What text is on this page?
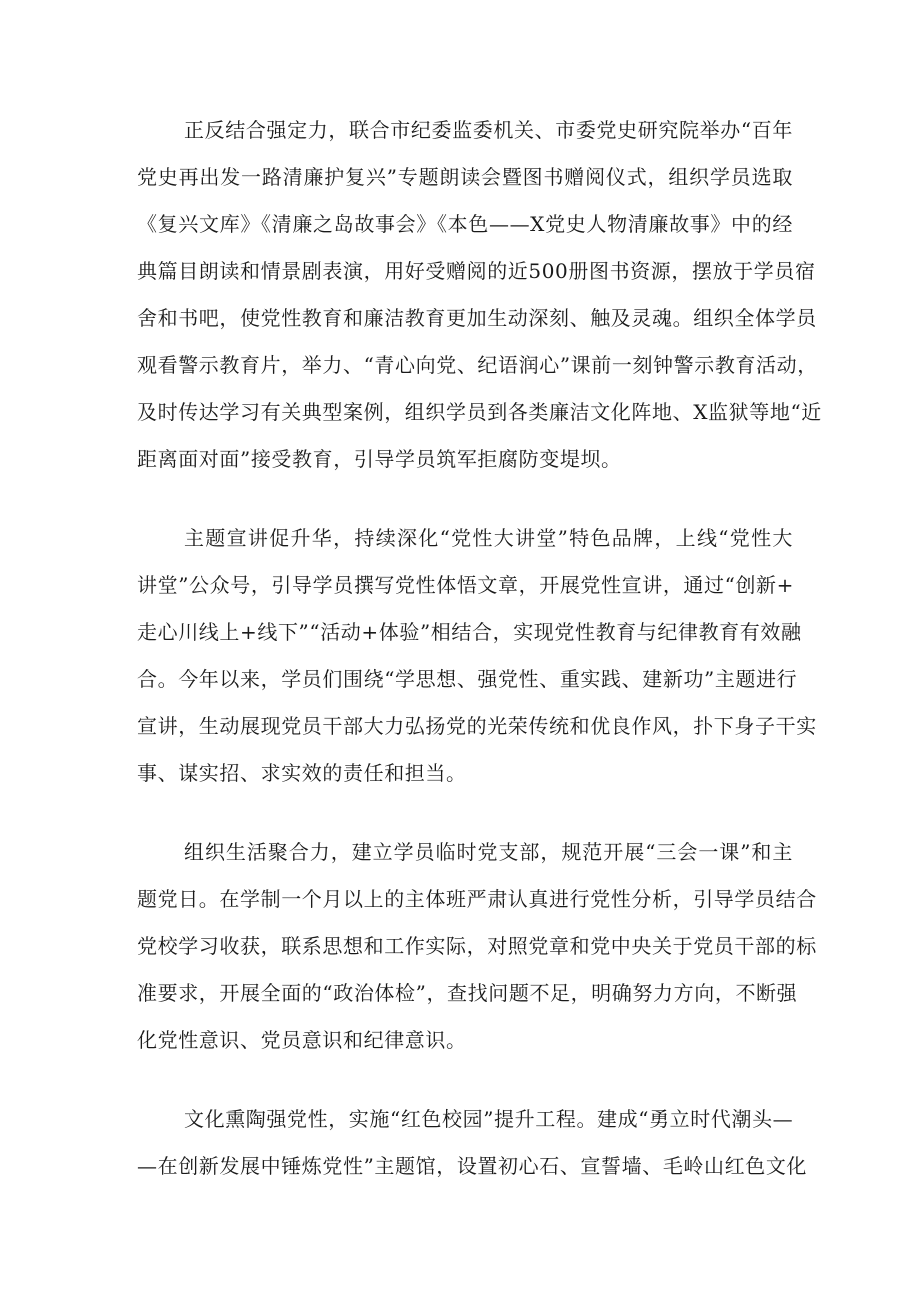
正反结合强定力，联合市纪委监委机关、市委党史研究院举办“百年
党史再出发一路清廉护复兴”专题朗读会暨图书赠阅仪式，组织学员选取
《复兴文库》《清廉之岛故事会》《本色——X党史人物清廉故事》中的经
典篇目朗读和情景剧表演，用好受赠阅的近500册图书资源，摆放于学员宿
舍和书吧，使党性教育和廉洁教育更加生动深刻、触及灵魂。组织全体学员
观看警示教育片，举力、“青心向党、纪语润心”课前一刻钟警示教育活动，
及时传达学习有关典型案例，组织学员到各类廉洁文化阵地、X监狱等地“近
距离面对面”接受教育，引导学员筑军拒腐防变堤坝。
主题宣讲促升华，持续深化“党性大讲堂”特色品牌，上线“党性大
讲堂”公众号，引导学员撰写党性体悟文章，开展党性宣讲，通过“创新+
走心川线上+线下”“活动+体验”相结合，实现党性教育与纪律教育有效融
合。今年以来，学员们围绕“学思想、强党性、重实践、建新功”主题进行
宣讲，生动展现党员干部大力弘扬党的光荣传统和优良作风，扑下身子干实
事、谋实招、求实效的责任和担当。
组织生活聚合力，建立学员临时党支部，规范开展“三会一课”和主
题党日。在学制一个月以上的主体班严肃认真进行党性分析，引导学员结合
党校学习收获，联系思想和工作实际，对照党章和党中央关于党员干部的标
准要求，开展全面的“政治体检”，查找问题不足，明确努力方向，不断强
化党性意识、党员意识和纪律意识。
文化熏陶强党性，实施“红色校园”提升工程。建成“勇立时代潮头—
—在创新发展中锤炼党性”主题馆，设置初心石、宣誓墙、毛岭山红色文化
